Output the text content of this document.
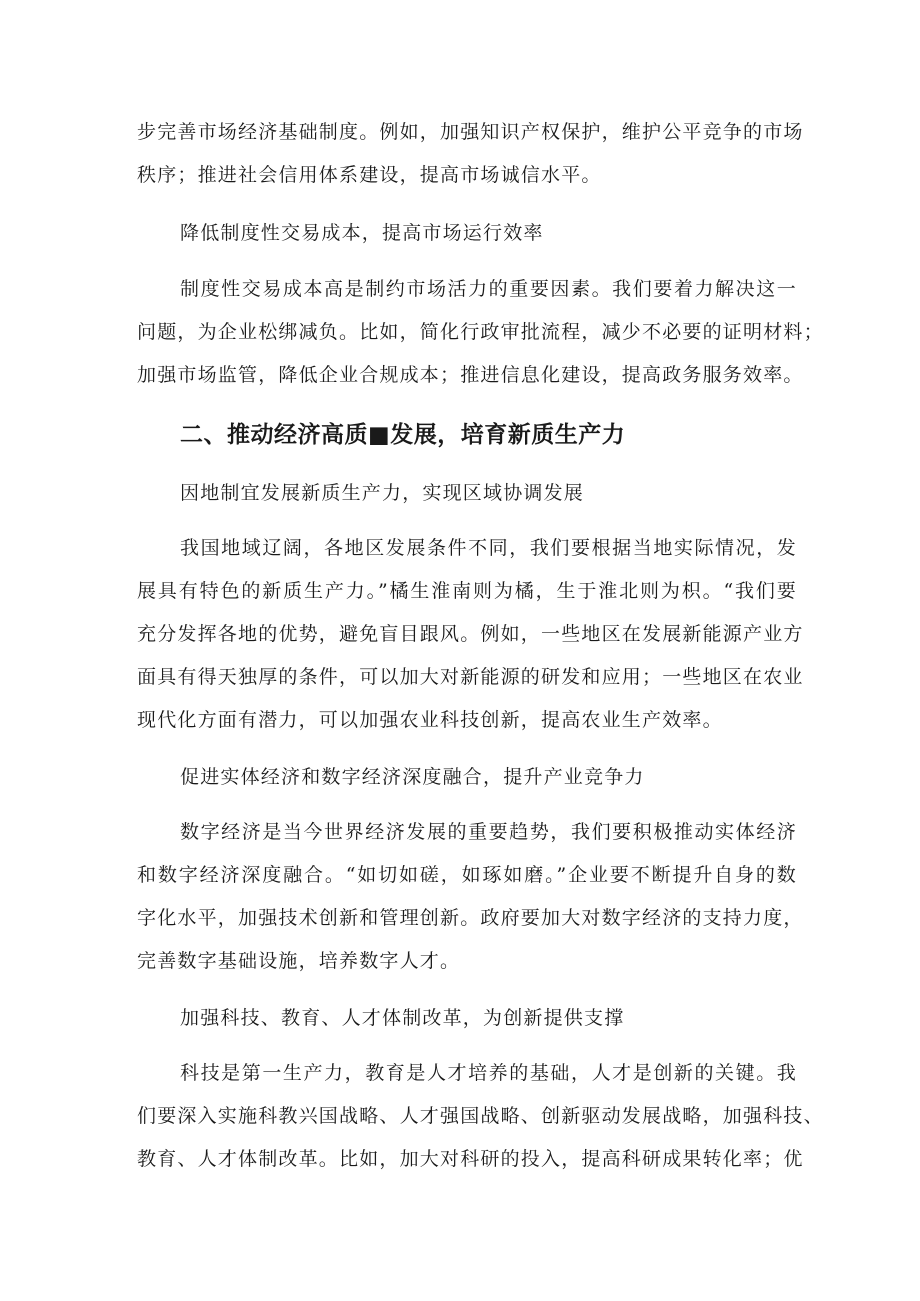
步完善市场经济基础制度。例如，加强知识产权保护，维护公平竞争的市场
秩序；推进社会信用体系建设，提高市场诚信水平。
降低制度性交易成本，提高市场运行效率
制度性交易成本高是制约市场活力的重要因素。我们要着力解决这一
问题，为企业松绑减负。比如，简化行政审批流程，减少不必要的证明材料；
加强市场监管，降低企业合规成本；推进信息化建设，提高政务服务效率。
二、推动经济高质■发展，培育新质生产力
因地制宜发展新质生产力，实现区域协调发展
我国地域辽阔，各地区发展条件不同，我们要根据当地实际情况，发
展具有特色的新质生产力。”橘生淮南则为橘，生于淮北则为枳。“我们要
充分发挥各地的优势，避免盲目跟风。例如，一些地区在发展新能源产业方
面具有得天独厚的条件，可以加大对新能源的研发和应用；一些地区在农业
现代化方面有潜力，可以加强农业科技创新，提高农业生产效率。
促进实体经济和数字经济深度融合，提升产业竞争力
数字经济是当今世界经济发展的重要趋势，我们要积极推动实体经济
和数字经济深度融合。“如切如磋，如琢如磨。”企业要不断提升自身的数
字化水平，加强技术创新和管理创新。政府要加大对数字经济的支持力度，
完善数字基础设施，培养数字人才。
加强科技、教育、人才体制改革，为创新提供支撑
科技是第一生产力，教育是人才培养的基础，人才是创新的关键。我
们要深入实施科教兴国战略、人才强国战略、创新驱动发展战略，加强科技、
教育、人才体制改革。比如，加大对科研的投入，提高科研成果转化率；优
